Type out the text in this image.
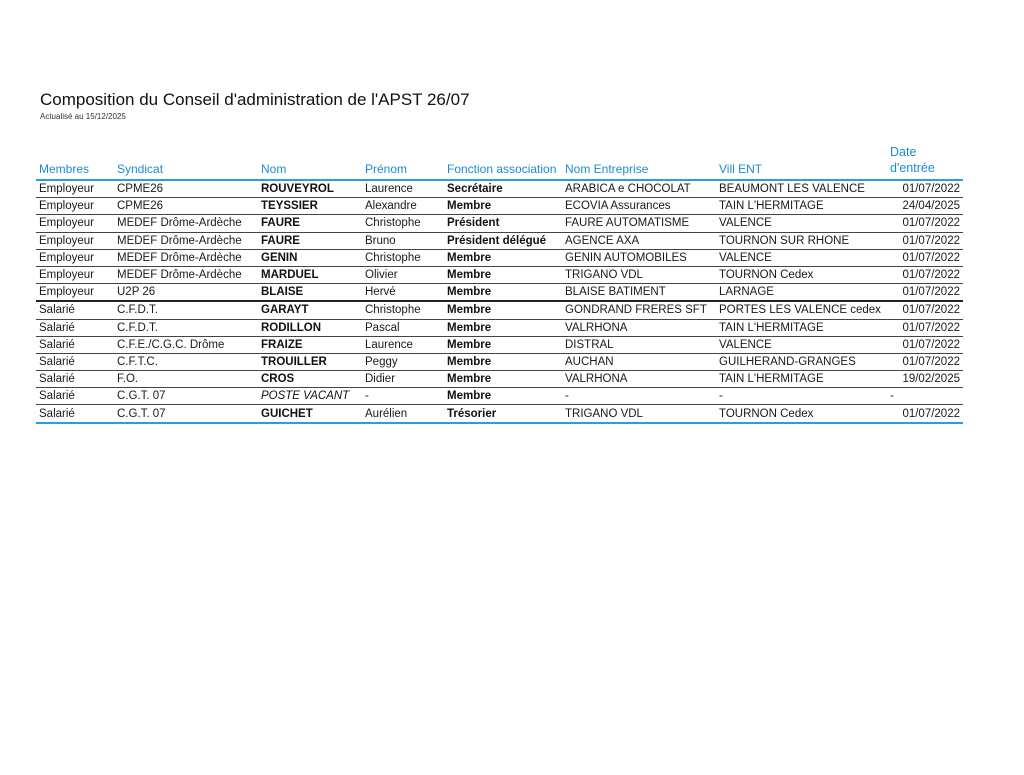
Composition du Conseil d'administration de l'APST 26/07
Actualisé au 15/12/2025
Membres	Syndicat	Nom	Prénom	Fonction association	Nom Entreprise	Vill ENT	Date d'entrée
Employeur	CPME26	ROUVEYROL	Laurence	Secrétaire	ARABICA e CHOCOLAT	BEAUMONT LES VALENCE	01/07/2022
Employeur	CPME26	TEYSSIER	Alexandre	Membre	ECOVIA Assurances	TAIN L'HERMITAGE	24/04/2025
Employeur	MEDEF Drôme-Ardèche	FAURE	Christophe	Président	FAURE AUTOMATISME	VALENCE	01/07/2022
Employeur	MEDEF Drôme-Ardèche	FAURE	Bruno	Président délégué	AGENCE AXA	TOURNON SUR RHONE	01/07/2022
Employeur	MEDEF Drôme-Ardèche	GENIN	Christophe	Membre	GENIN AUTOMOBILES	VALENCE	01/07/2022
Employeur	MEDEF Drôme-Ardèche	MARDUEL	Olivier	Membre	TRIGANO VDL	TOURNON Cedex	01/07/2022
Employeur	U2P 26	BLAISE	Hervé	Membre	BLAISE BATIMENT	LARNAGE	01/07/2022
Salarié	C.F.D.T.	GARAYT	Christophe	Membre	GONDRAND FRERES SFT	PORTES LES VALENCE cedex	01/07/2022
Salarié	C.F.D.T.	RODILLON	Pascal	Membre	VALRHONA	TAIN L'HERMITAGE	01/07/2022
Salarié	C.F.E./C.G.C. Drôme	FRAIZE	Laurence	Membre	DISTRAL	VALENCE	01/07/2022
Salarié	C.F.T.C.	TROUILLER	Peggy	Membre	AUCHAN	GUILHERAND-GRANGES	01/07/2022
Salarié	F.O.	CROS	Didier	Membre	VALRHONA	TAIN L'HERMITAGE	19/02/2025
Salarié	C.G.T. 07	POSTE VACANT	-	Membre	-	-	-
Salarié	C.G.T. 07	GUICHET	Aurélien	Trésorier	TRIGANO VDL	TOURNON Cedex	01/07/2022
